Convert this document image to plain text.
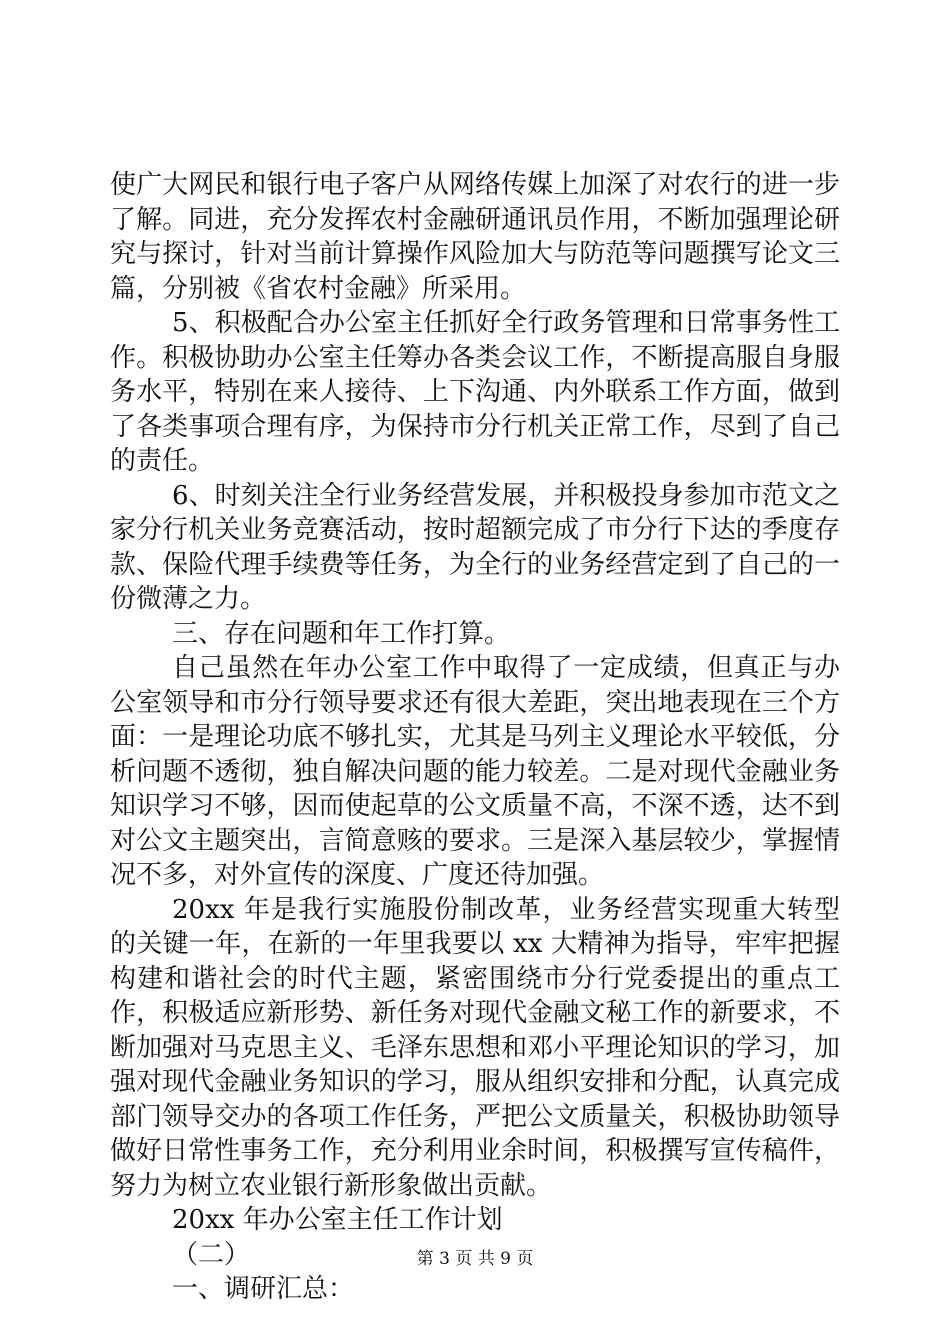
使广大网民和银行电子客户从网络传媒上加深了对农行的进一步了解。同进，充分发挥农村金融研通讯员作用，不断加强理论研究与探讨，针对当前计算操作风险加大与防范等问题撰写论文三篇，分别被《省农村金融》所采用。

5、积极配合办公室主任抓好全行政务管理和日常事务性工作。积极协助办公室主任筹办各类会议工作，不断提高服自身服务水平，特别在来人接待、上下沟通、内外联系工作方面，做到了各类事项合理有序，为保持市分行机关正常工作，尽到了自己的责任。

6、时刻关注全行业务经营发展，并积极投身参加市范文之家分行机关业务竞赛活动，按时超额完成了市分行下达的季度存款、保险代理手续费等任务，为全行的业务经营定到了自己的一份微薄之力。

三、存在问题和年工作打算。

自己虽然在年办公室工作中取得了一定成绩，但真正与办公室领导和市分行领导要求还有很大差距，突出地表现在三个方面：一是理论功底不够扎实，尤其是马列主义理论水平较低，分析问题不透彻，独自解决问题的能力较差。二是对现代金融业务知识学习不够，因而使起草的公文质量不高，不深不透，达不到对公文主题突出，言简意赅的要求。三是深入基层较少，掌握情况不多，对外宣传的深度、广度还待加强。

20xx 年是我行实施股份制改革，业务经营实现重大转型的关键一年，在新的一年里我要以 xx 大精神为指导，牢牢把握构建和谐社会的时代主题，紧密围绕市分行党委提出的重点工作，积极适应新形势、新任务对现代金融文秘工作的新要求，不断加强对马克思主义、毛泽东思想和邓小平理论知识的学习，加强对现代金融业务知识的学习，服从组织安排和分配，认真完成部门领导交办的各项工作任务，严把公文质量关，积极协助领导做好日常性事务工作，充分利用业余时间，积极撰写宣传稿件，努力为树立农业银行新形象做出贡献。

20xx 年办公室主任工作计划

（二）

一、调研汇总：

第 3 页 共 9 页
